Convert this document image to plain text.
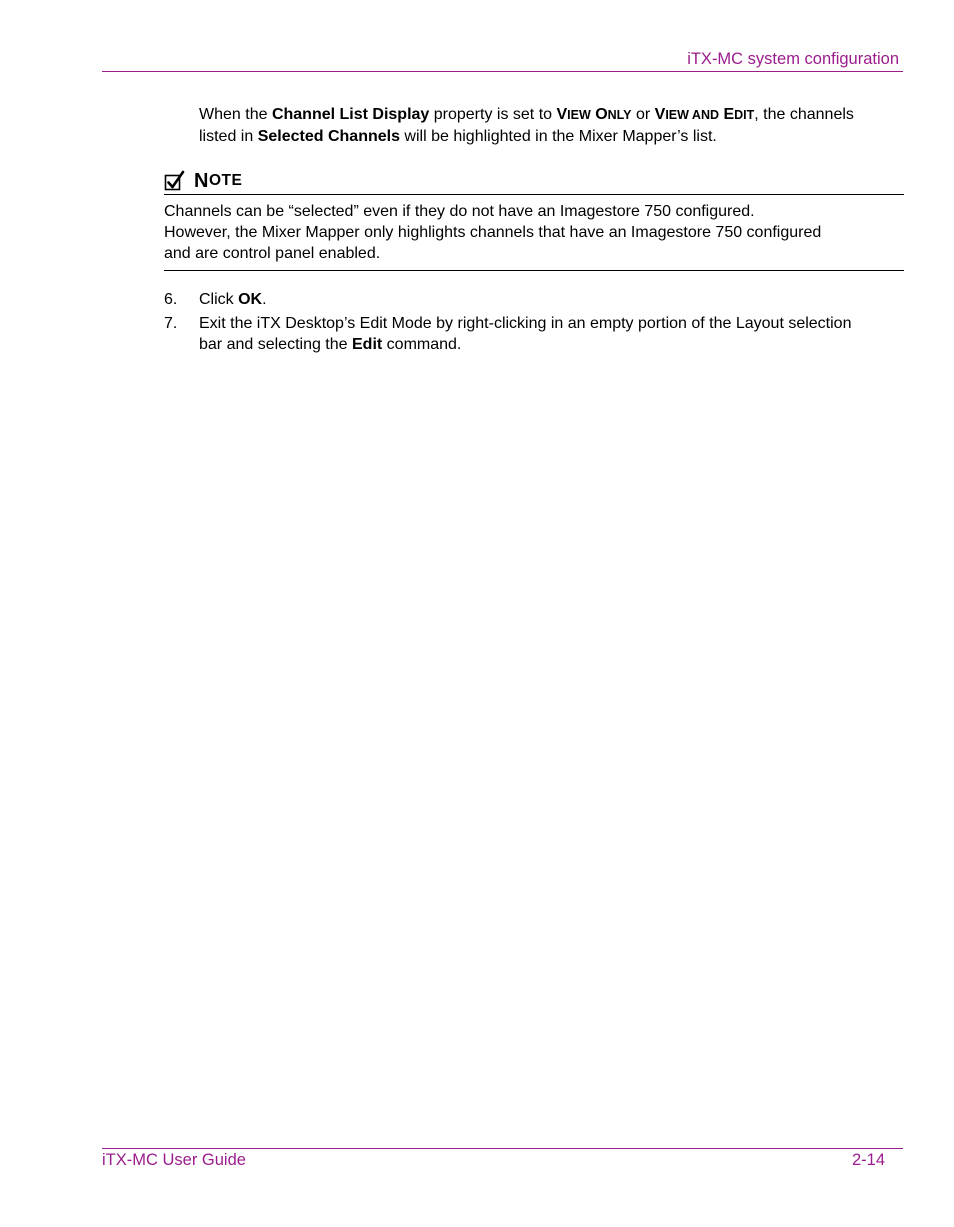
iTX-MC system configuration
When the Channel List Display property is set to VIEW ONLY or VIEW AND EDIT, the channels listed in Selected Channels will be highlighted in the Mixer Mapper’s list.
N OTE
Channels can be “selected” even if they do not have an Imagestore 750 configured. However, the Mixer Mapper only highlights channels that have an Imagestore 750 configured and are control panel enabled.
6. Click OK.
7. Exit the iTX Desktop’s Edit Mode by right-clicking in an empty portion of the Layout selection bar and selecting the Edit command.
iTX-MC User Guide	2-14
